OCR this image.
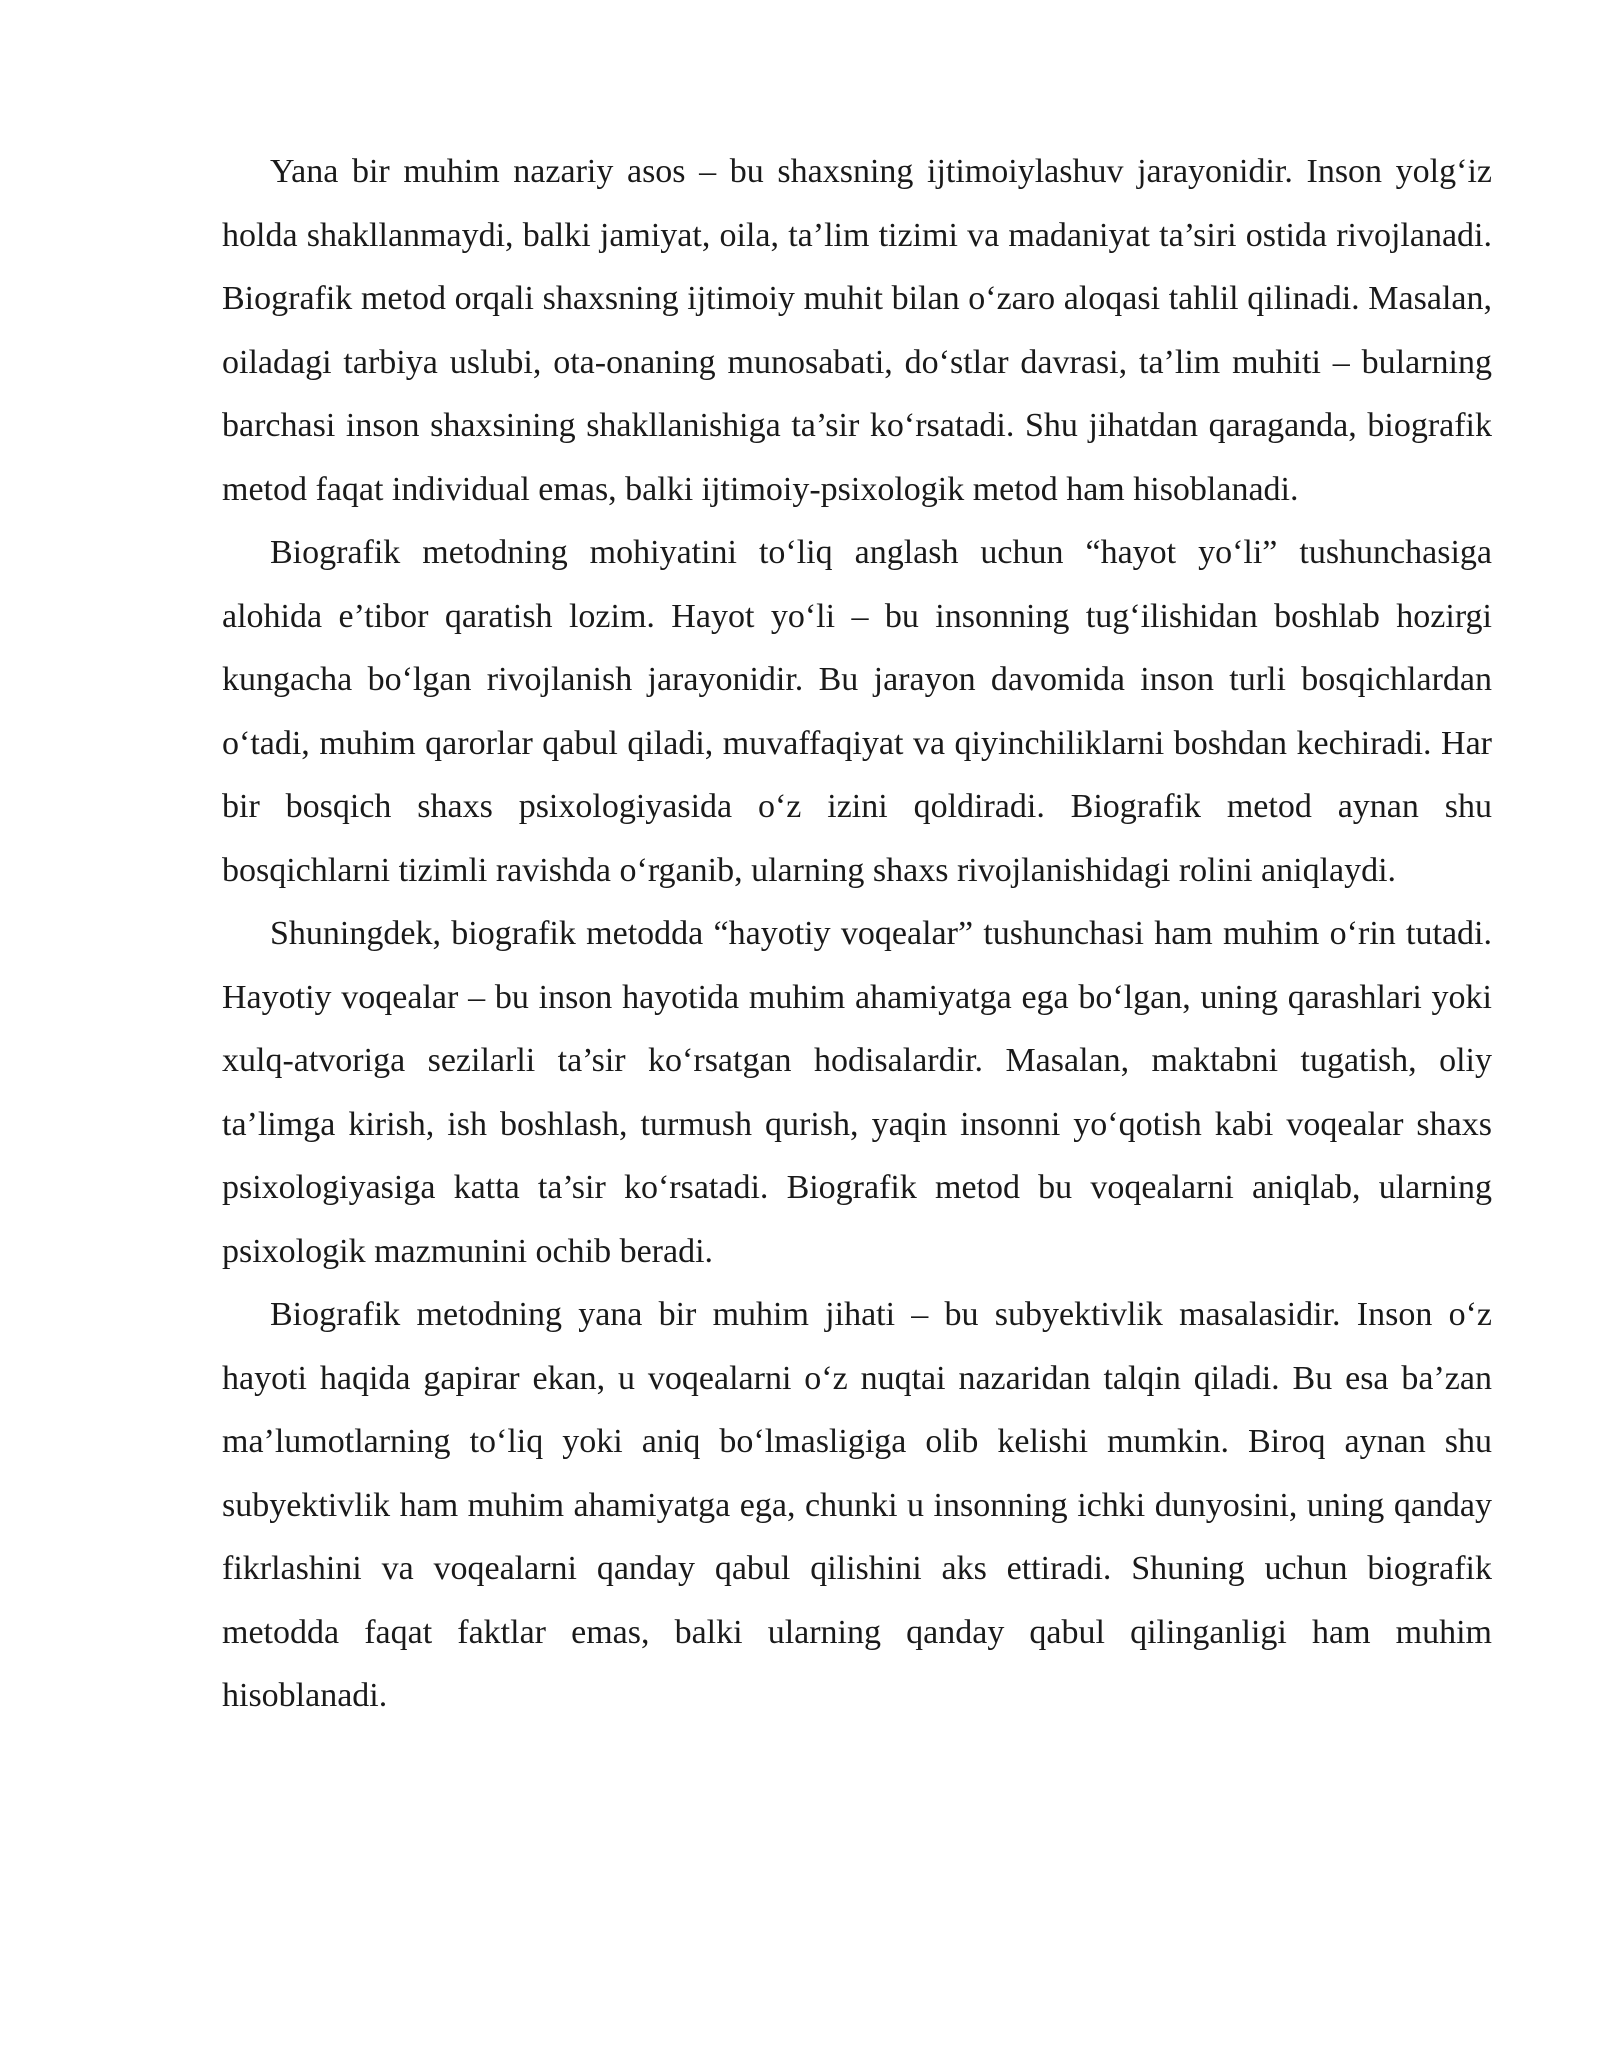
Yana bir muhim nazariy asos – bu shaxsning ijtimoiylashuv jarayonidir. Inson yolg‘iz holda shakllanmaydi, balki jamiyat, oila, ta’lim tizimi va madaniyat ta’siri ostida rivojlanadi. Biografik metod orqali shaxsning ijtimoiy muhit bilan o‘zaro aloqasi tahlil qilinadi. Masalan, oiladagi tarbiya uslubi, ota-onaning munosabati, do‘stlar davrasi, ta’lim muhiti – bularning barchasi inson shaxsining shakllanishiga ta’sir ko‘rsatadi. Shu jihatdan qaraganda, biografik metod faqat individual emas, balki ijtimoiy-psixologik metod ham hisoblanadi.

Biografik metodning mohiyatini to‘liq anglash uchun “hayot yo‘li” tushunchasiga alohida e’tibor qaratish lozim. Hayot yo‘li – bu insonning tug‘ilishidan boshlab hozirgi kungacha bo‘lgan rivojlanish jarayonidir. Bu jarayon davomida inson turli bosqichlardan o‘tadi, muhim qarorlar qabul qiladi, muvaffaqiyat va qiyinchiliklarni boshdan kechiradi. Har bir bosqich shaxs psixologiyasida o‘z izini qoldiradi. Biografik metod aynan shu bosqichlarni tizimli ravishda o‘rganib, ularning shaxs rivojlanishidagi rolini aniqlaydi.

Shuningdek, biografik metodda “hayotiy voqealar” tushunchasi ham muhim o‘rin tutadi. Hayotiy voqealar – bu inson hayotida muhim ahamiyatga ega bo‘lgan, uning qarashlari yoki xulq-atvoriga sezilarli ta’sir ko‘rsatgan hodisalardir. Masalan, maktabni tugatish, oliy ta’limga kirish, ish boshlash, turmush qurish, yaqin insonni yo‘qotish kabi voqealar shaxs psixologiyasiga katta ta’sir ko‘rsatadi. Biografik metod bu voqealarni aniqlab, ularning psixologik mazmunini ochib beradi.

Biografik metodning yana bir muhim jihati – bu subyektivlik masalasidir. Inson o‘z hayoti haqida gapirar ekan, u voqealarni o‘z nuqtai nazaridan talqin qiladi. Bu esa ba’zan ma’lumotlarning to‘liq yoki aniq bo‘lmasligiga olib kelishi mumkin. Biroq aynan shu subyektivlik ham muhim ahamiyatga ega, chunki u insonning ichki dunyosini, uning qanday fikrlashini va voqealarni qanday qabul qilishini aks ettiradi. Shuning uchun biografik metodda faqat faktlar emas, balki ularning qanday qabul qilinganligi ham muhim hisoblanadi.
